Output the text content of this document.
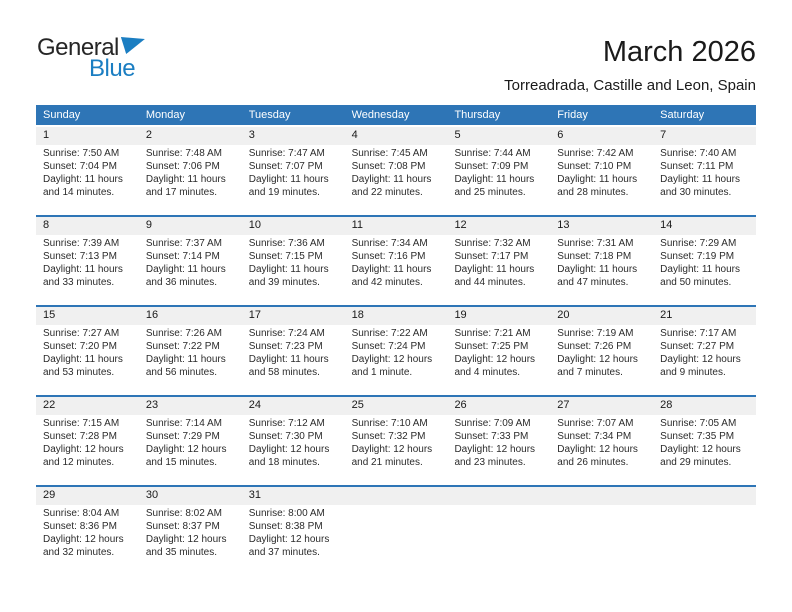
General
Blue
March 2026
Torreadrada, Castille and Leon, Spain
Sunday	Monday	Tuesday	Wednesday	Thursday	Friday	Saturday
1	2	3	4	5	6	7
Sunrise: 7:50 AM
Sunset: 7:04 PM
Daylight: 11 hours and 14 minutes.
Sunrise: 7:48 AM
Sunset: 7:06 PM
Daylight: 11 hours and 17 minutes.
Sunrise: 7:47 AM
Sunset: 7:07 PM
Daylight: 11 hours and 19 minutes.
Sunrise: 7:45 AM
Sunset: 7:08 PM
Daylight: 11 hours and 22 minutes.
Sunrise: 7:44 AM
Sunset: 7:09 PM
Daylight: 11 hours and 25 minutes.
Sunrise: 7:42 AM
Sunset: 7:10 PM
Daylight: 11 hours and 28 minutes.
Sunrise: 7:40 AM
Sunset: 7:11 PM
Daylight: 11 hours and 30 minutes.
8	9	10	11	12	13	14
Sunrise: 7:39 AM
Sunset: 7:13 PM
Daylight: 11 hours and 33 minutes.
Sunrise: 7:37 AM
Sunset: 7:14 PM
Daylight: 11 hours and 36 minutes.
Sunrise: 7:36 AM
Sunset: 7:15 PM
Daylight: 11 hours and 39 minutes.
Sunrise: 7:34 AM
Sunset: 7:16 PM
Daylight: 11 hours and 42 minutes.
Sunrise: 7:32 AM
Sunset: 7:17 PM
Daylight: 11 hours and 44 minutes.
Sunrise: 7:31 AM
Sunset: 7:18 PM
Daylight: 11 hours and 47 minutes.
Sunrise: 7:29 AM
Sunset: 7:19 PM
Daylight: 11 hours and 50 minutes.
15	16	17	18	19	20	21
Sunrise: 7:27 AM
Sunset: 7:20 PM
Daylight: 11 hours and 53 minutes.
Sunrise: 7:26 AM
Sunset: 7:22 PM
Daylight: 11 hours and 56 minutes.
Sunrise: 7:24 AM
Sunset: 7:23 PM
Daylight: 11 hours and 58 minutes.
Sunrise: 7:22 AM
Sunset: 7:24 PM
Daylight: 12 hours and 1 minute.
Sunrise: 7:21 AM
Sunset: 7:25 PM
Daylight: 12 hours and 4 minutes.
Sunrise: 7:19 AM
Sunset: 7:26 PM
Daylight: 12 hours and 7 minutes.
Sunrise: 7:17 AM
Sunset: 7:27 PM
Daylight: 12 hours and 9 minutes.
22	23	24	25	26	27	28
Sunrise: 7:15 AM
Sunset: 7:28 PM
Daylight: 12 hours and 12 minutes.
Sunrise: 7:14 AM
Sunset: 7:29 PM
Daylight: 12 hours and 15 minutes.
Sunrise: 7:12 AM
Sunset: 7:30 PM
Daylight: 12 hours and 18 minutes.
Sunrise: 7:10 AM
Sunset: 7:32 PM
Daylight: 12 hours and 21 minutes.
Sunrise: 7:09 AM
Sunset: 7:33 PM
Daylight: 12 hours and 23 minutes.
Sunrise: 7:07 AM
Sunset: 7:34 PM
Daylight: 12 hours and 26 minutes.
Sunrise: 7:05 AM
Sunset: 7:35 PM
Daylight: 12 hours and 29 minutes.
29	30	31
Sunrise: 8:04 AM
Sunset: 8:36 PM
Daylight: 12 hours and 32 minutes.
Sunrise: 8:02 AM
Sunset: 8:37 PM
Daylight: 12 hours and 35 minutes.
Sunrise: 8:00 AM
Sunset: 8:38 PM
Daylight: 12 hours and 37 minutes.
